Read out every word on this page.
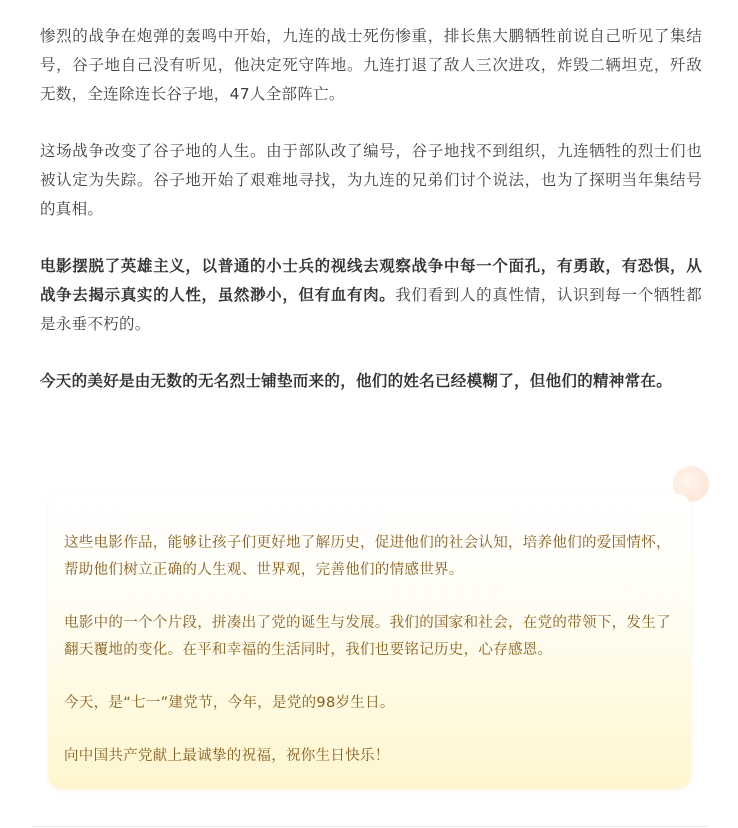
惨烈的战争在炮弹的轰鸣中开始，九连的战士死伤惨重，排长焦大鹏牺牲前说自己听见了集结号，谷子地自己没有听见，他决定死守阵地。九连打退了敌人三次进攻，炸毁二辆坦克，歼敌无数，全连除连长谷子地，47人全部阵亡。

这场战争改变了谷子地的人生。由于部队改了编号，谷子地找不到组织，九连牺牲的烈士们也被认定为失踪。谷子地开始了艰难地寻找，为九连的兄弟们讨个说法，也为了探明当年集结号的真相。

电影摆脱了英雄主义，以普通的小士兵的视线去观察战争中每一个面孔，有勇敢，有恐惧，从战争去揭示真实的人性，虽然渺小，但有血有肉。我们看到人的真性情，认识到每一个牺牲都是永垂不朽的。

今天的美好是由无数的无名烈士铺垫而来的，他们的姓名已经模糊了，但他们的精神常在。

这些电影作品，能够让孩子们更好地了解历史，促进他们的社会认知，培养他们的爱国情怀，帮助他们树立正确的人生观、世界观，完善他们的情感世界。

电影中的一个个片段，拼凑出了党的诞生与发展。我们的国家和社会，在党的带领下，发生了翻天覆地的变化。在平和幸福的生活同时，我们也要铭记历史，心存感恩。

今天，是“七一”建党节，今年，是党的98岁生日。

向中国共产党献上最诚挚的祝福，祝你生日快乐！
